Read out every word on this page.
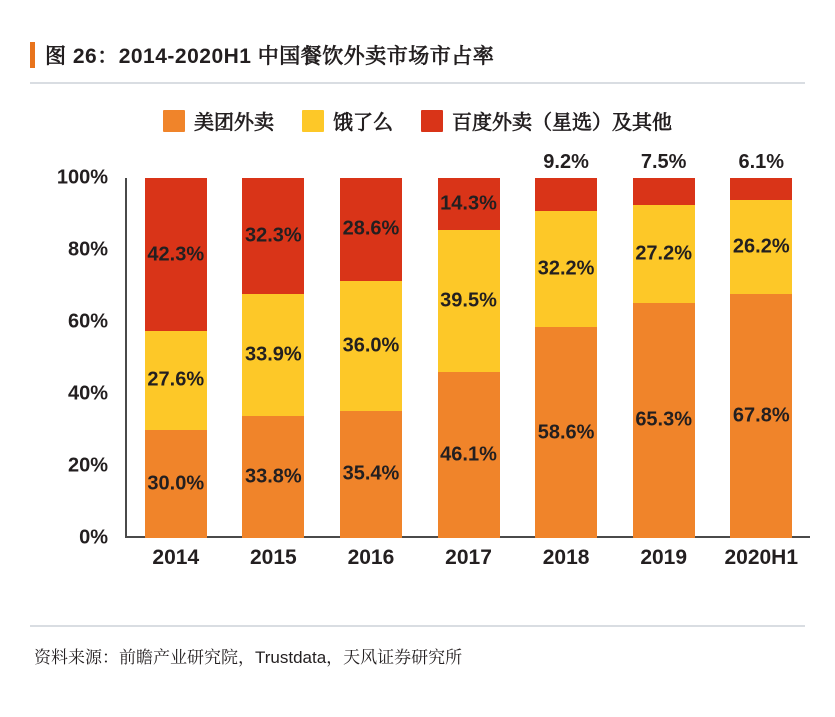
图 26：2014-2020H1 中国餐饮外卖市场市占率
美团外卖	饿了么	百度外卖（星选）及其他
100%
80%
60%
40%
20%
0%
42.3%
27.6%
30.0%
32.3%
33.9%
33.8%
28.6%
36.0%
35.4%
14.3%
39.5%
46.1%
9.2%
32.2%
58.6%
7.5%
27.2%
65.3%
6.1%
26.2%
67.8%
2014	2015	2016	2017	2018	2019	2020H1
资料来源：前瞻产业研究院，Trustdata，天风证券研究所
